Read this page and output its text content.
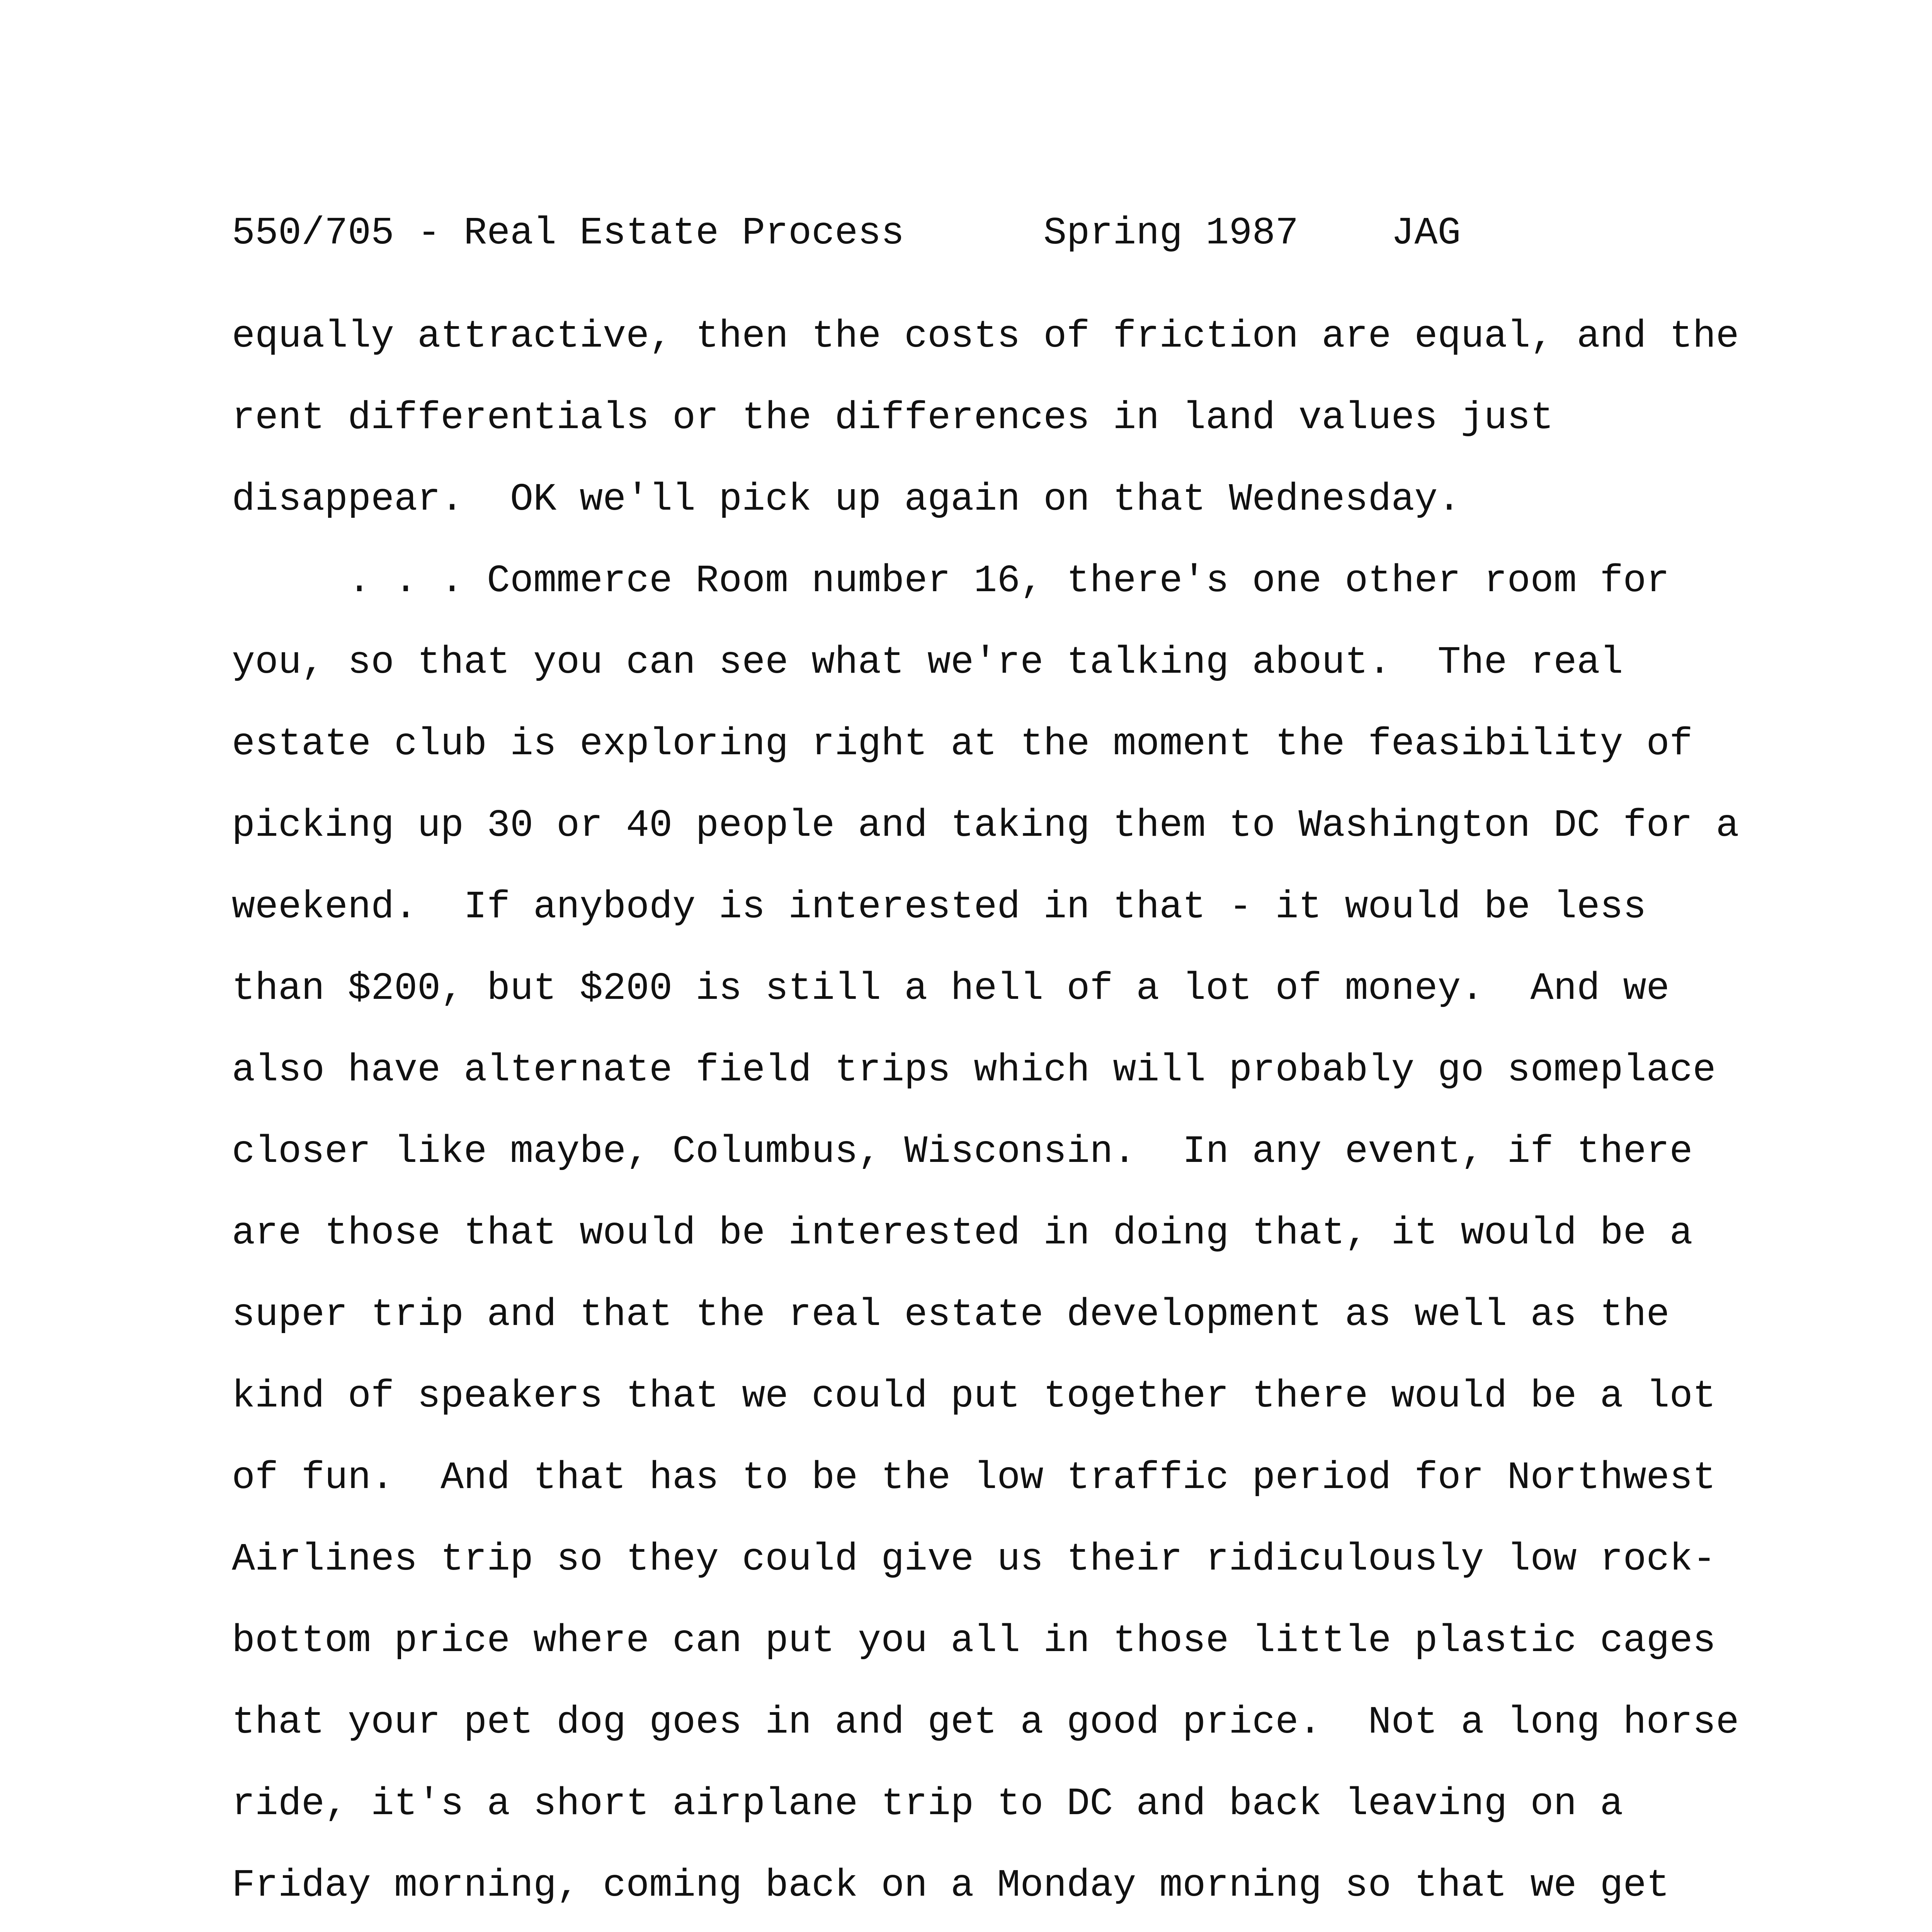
550/705 - Real Estate Process	Spring 1987 JAG
equally attractive, then the costs of friction are equal, and the
rent differentials or the differences in land values just
disappear.  OK we'll pick up again on that Wednesday.
. . . Commerce Room number 16, there's one other room for
you, so that you can see what we're talking about.  The real
estate club is exploring right at the moment the feasibility of
picking up 30 or 40 people and taking them to Washington DC for a
weekend.  If anybody is interested in that - it would be less
than $200, but $200 is still a hell of a lot of money.  And we
also have alternate field trips which will probably go someplace
closer like maybe, Columbus, Wisconsin.  In any event, if there
are those that would be interested in doing that, it would be a
super trip and that the real estate development as well as the
kind of speakers that we could put together there would be a lot
of fun.  And that has to be the low traffic period for Northwest
Airlines trip so they could give us their ridiculously low rock-
bottom price where can put you all in those little plastic cages
that your pet dog goes in and get a good price.  Not a long horse
ride, it's a short airplane trip to DC and back leaving on a
Friday morning, coming back on a Monday morning so that we get
